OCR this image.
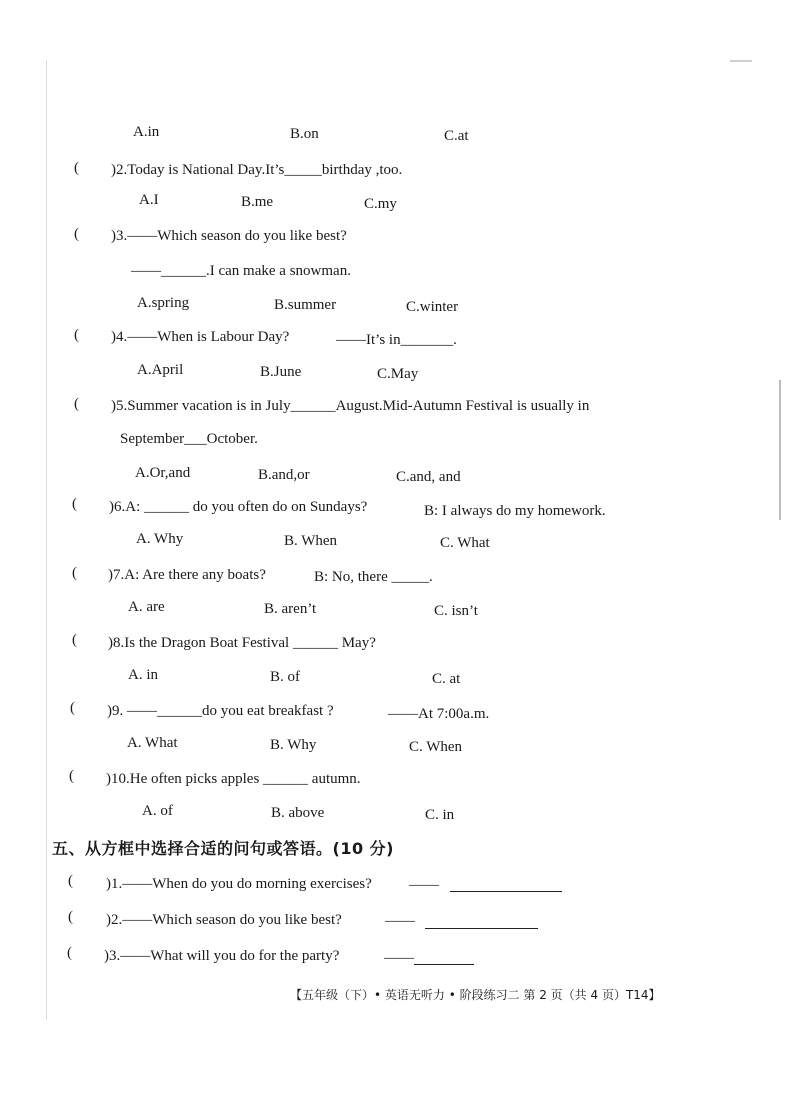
A.in	B.on	C.at
( )2.Today is National Day.It’s_____birthday ,too.
A.I	B.me	C.my
( )3.——Which season do you like best?
——______.I can make a snowman.
A.spring	B.summer	C.winter
( )4.——When is Labour Day?	——It’s in_______.
A.April	B.June	C.May
( )5.Summer vacation is in July______August.Mid-Autumn Festival is usually in
September___October.
A.Or,and	B.and,or	C.and, and
( )6.A: ______ do you often do on Sundays?	B: I always do my homework.
A. Why	B. When	C. What
( )7.A: Are there any boats?	B: No, there _____.
A. are	B. aren’t	C. isn’t
( )8.Is the Dragon Boat Festival ______ May?
A. in	B. of	C. at
( )9. ——______do you eat breakfast ?	——At 7:00a.m.
A. What	B. Why	C. When
( )10.He often picks apples ______ autumn.
A. of	B. above	C. in
五、从方框中选择合适的问句或答语。(10 分)
( )1.——When do you do morning exercises? ——
( )2.——Which season do you like best?	——
( )3.——What will you do for the party?	——
【五年级（下）• 英语无听力 • 阶段练习二 第 2 页（共 4 页）T14】
